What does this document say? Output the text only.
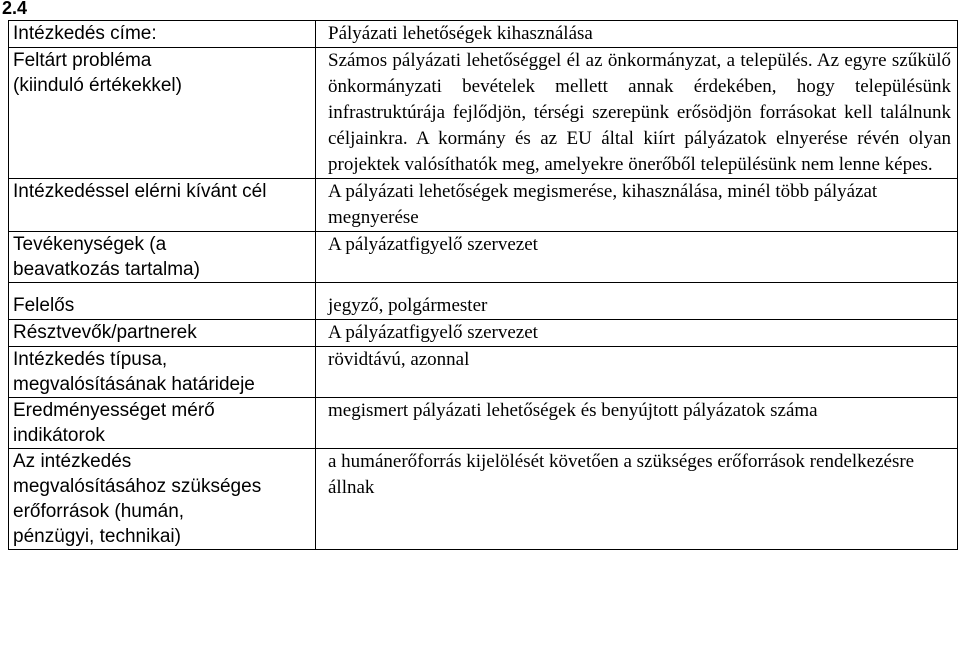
2.4
Intézkedés címe:	Pályázati lehetőségek kihasználása
Feltárt probléma
(kiinduló értékekkel)	Számos pályázati lehetőséggel él az önkormányzat, a település. Az egyre szűkülő önkormányzati bevételek mellett annak érdekében, hogy településünk infrastruktúrája fejlődjön, térségi szerepünk erősödjön forrásokat kell találnunk céljainkra. A kormány és az EU által kiírt pályázatok elnyerése révén olyan projektek valósíthatók meg, amelyekre önerőből településünk nem lenne képes.
Intézkedéssel elérni kívánt cél	A pályázati lehetőségek megismerése, kihasználása, minél több pályázat megnyerése
Tevékenységek (a
beavatkozás tartalma)	A pályázatfigyelő szervezet
Felelős	jegyző, polgármester
Résztvevők/partnerek	A pályázatfigyelő szervezet
Intézkedés típusa,
megvalósításának határideje	rövidtávú, azonnal
Eredményességet mérő
indikátorok	megismert pályázati lehetőségek és benyújtott pályázatok száma
Az intézkedés
megvalósításához szükséges
erőforrások (humán,
pénzügyi, technikai)	a humánerőforrás kijelölését követően a szükséges erőforrások rendelkezésre állnak
